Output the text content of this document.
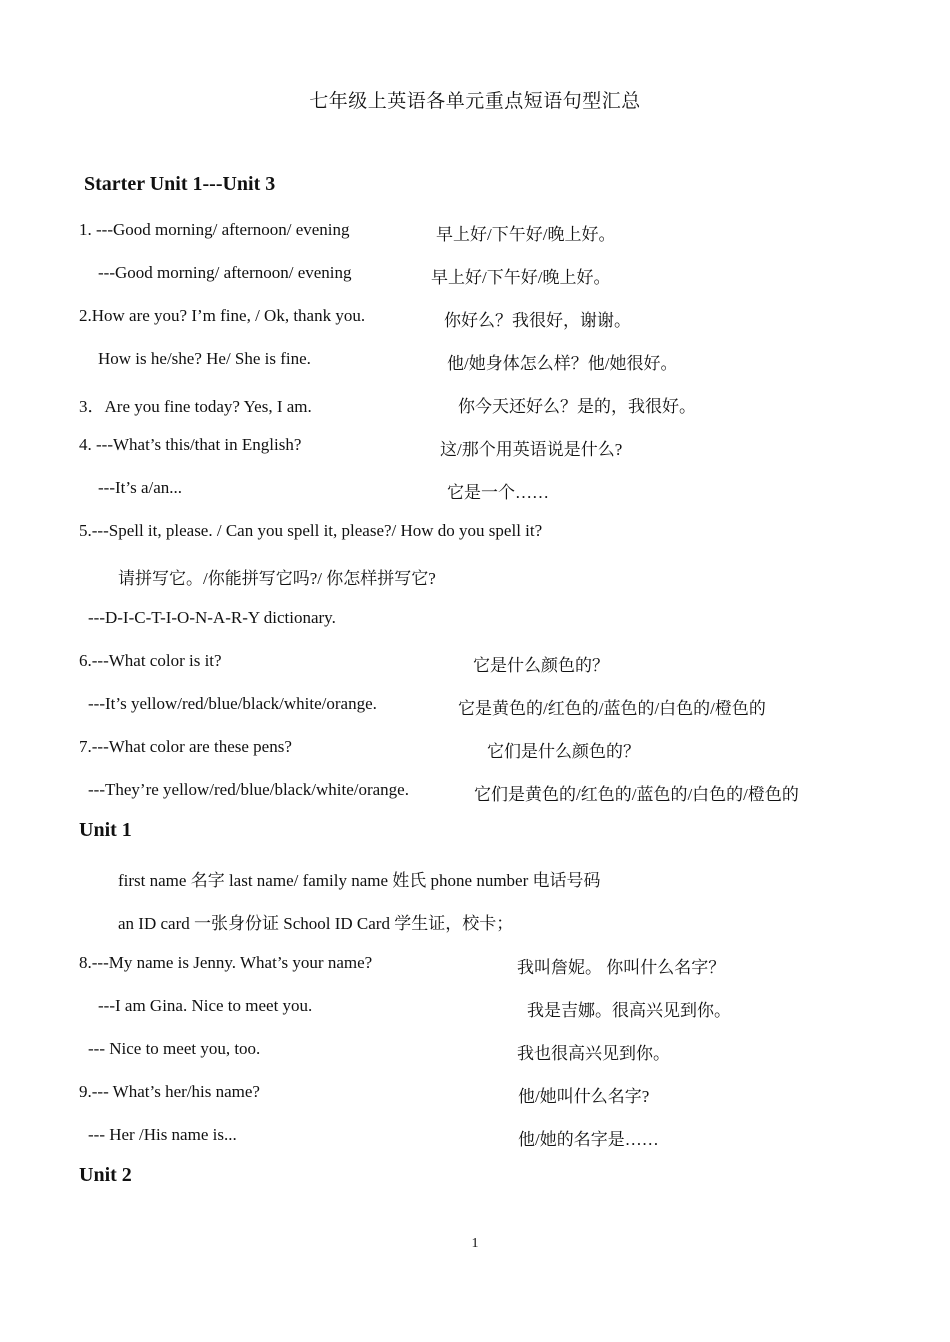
七年级上英语各单元重点短语句型汇总
Starter Unit 1---Unit 3
1. ---Good morning/ afternoon/ evening	早上好/下午好/晚上好。
---Good morning/ afternoon/ evening	早上好/下午好/晚上好。
2.How are you? I’m fine, / Ok, thank you.	你好么？我很好，谢谢。
How is he/she? He/ She is fine.	他/她身体怎么样？他/她很好。
3．Are you fine today? Yes, I am.	你今天还好么？是的，我很好。
4. ---What’s this/that in English?	这/那个用英语说是什么?
---It’s a/an...	它是一个……
5.---Spell it, please. / Can you spell it, please?/ How do you spell it?
请拼写它。/你能拼写它吗?/ 你怎样拼写它?
---D-I-C-T-I-O-N-A-R-Y dictionary.
6.---What color is it?	它是什么颜色的？
---It’s yellow/red/blue/black/white/orange.	它是黄色的/红色的/蓝色的/白色的/橙色的
7.---What color are these pens?	它们是什么颜色的？
---They’re yellow/red/blue/black/white/orange.	它们是黄色的/红色的/蓝色的/白色的/橙色的
Unit 1
first name 名字 last name/ family name 姓氏 phone number 电话号码
an ID card 一张身份证 School ID Card 学生证，校卡；
8.---My name is Jenny. What’s your name?	我叫詹妮。 你叫什么名字？
---I am Gina. Nice to meet you.	我是吉娜。很高兴见到你。
--- Nice to meet you, too.	我也很高兴见到你。
9.--- What’s her/his name?	他/她叫什么名字?
--- Her /His name is...	他/她的名字是……
Unit 2
1
